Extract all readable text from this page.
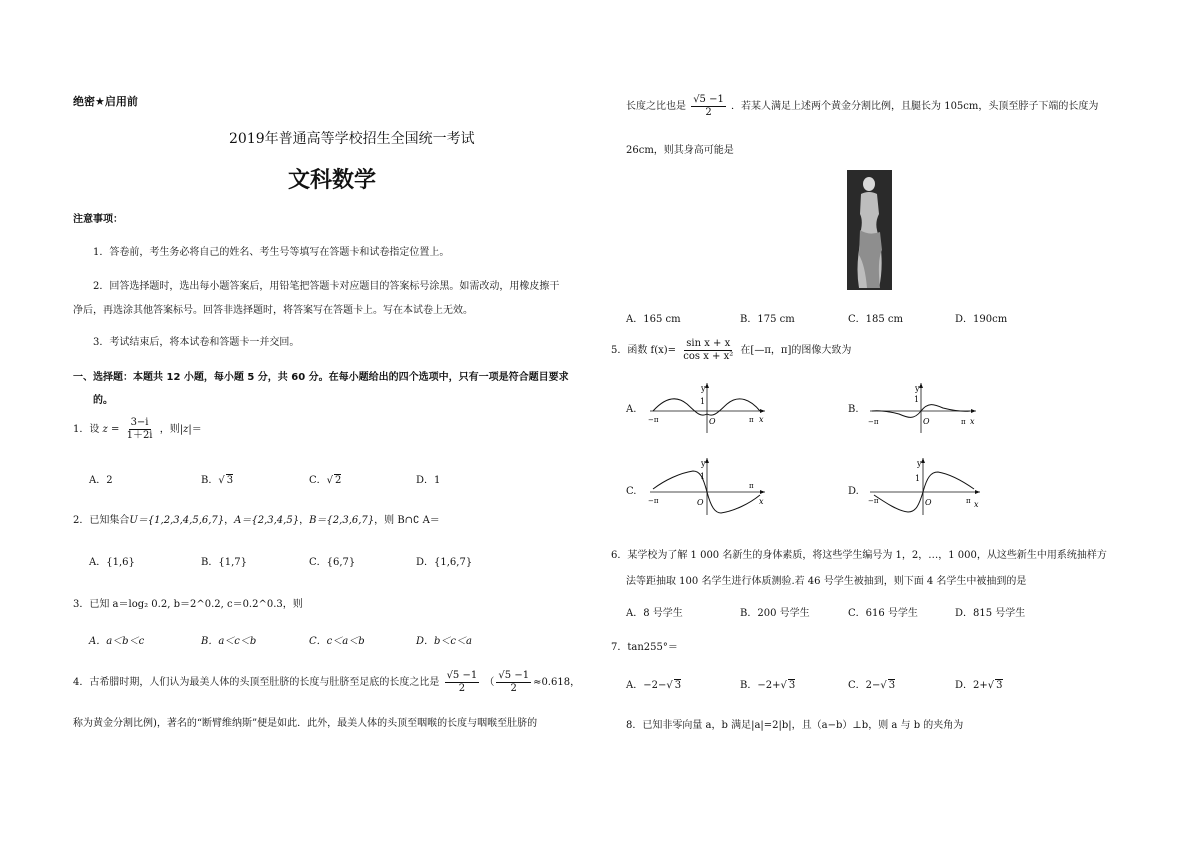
绝密★启用前
2019年普通高等学校招生全国统一考试
文科数学
注意事项：
1．答卷前，考生务必将自己的姓名、考生号等填写在答题卡和试卷指定位置上。
2．回答选择题时，选出每小题答案后，用铅笔把答题卡对应题目的答案标号涂黑。如需改动，用橡皮擦干
净后，再选涂其他答案标号。回答非选择题时，将答案写在答题卡上。写在本试卷上无效。
3．考试结束后，将本试卷和答题卡一并交回。
一、选择题：本题共 12 小题，每小题 5 分，共 60 分。在每小题给出的四个选项中，只有一项是符合题目要求
的。
1．设 $z = \frac{3-i}{1+2i}$ ，则|z|＝
A．2	B．√ 3	C．√ 2	D．1
2．已知集合U＝{1,2,3,4,5,6,7}，A＝{2,3,4,5}，B＝{2,3,6,7}，则 B∩∁ A＝
A．{1,6}	B．{1,7}	C．{6,7}	D．{1,6,7}
3．已知 a＝log₂ 0.2, b＝2^0.2, c＝0.2^0.3，则
A．a＜b＜c	B．a＜c＜b	C．c＜a＜b	D．b＜c＜a
4．古希腊时期，人们认为最美人体的头顶至肚脐的长度与肚脐至足底的长度之比是 $\frac{√5 -1}{2}$ （ $\frac{√5 -1}{2} \approx 0.618$，
称为黄金分割比例)，著名的“断臂维纳斯”便是如此．此外，最美人体的头顶至咽喉的长度与咽喉至肚脐的
长度之比也是 $\frac{√5 -1}{2}$ ．若某人满足上述两个黄金分割比例，且腿长为 105cm，头顶至脖子下端的长度为
26cm，则其身高可能是
A．165 cm	B．175 cm	C．185 cm	D．190cm
5．函数 $f(x)= \frac{\text{sin x + x}}{\text{cos x + x²}}$ 在[—π，π]的图像大致为
A.
y
1
O
−π	π x
B.
y
1
O
−π	π x
C.
y
1
O
−π
π
x
D.
y
1
O
−π	π x
6．某学校为了解 1 000 名新生的身体素质，将这些学生编号为 1，2，…，1 000，从这些新生中用系统抽样方
法等距抽取 100 名学生进行体质测验.若 46 号学生被抽到，则下面 4 名学生中被抽到的是
A．8 号学生	B．200 号学生	C．616 号学生	D．815 号学生
7．tan255°＝
A．−2−√ 3	B．−2+√ 3	C．2−√ 3	D．2+√ 3
8．已知非零向量 a，b 满足|a|=2|b|，且（a−b）⊥b，则 a 与 b 的夹角为
